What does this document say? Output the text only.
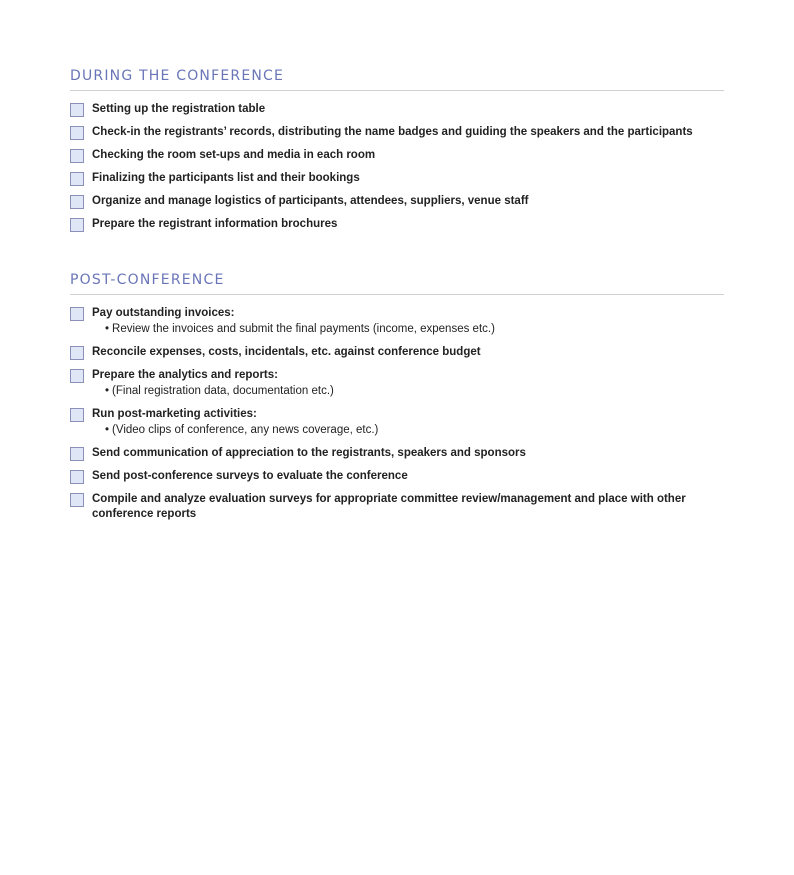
DURING THE CONFERENCE
Setting up the registration table
Check-in the registrants’ records, distributing the name badges and guiding the speakers and the participants
Checking the room set-ups and media in each room
Finalizing the participants list and their bookings
Organize and manage logistics of participants, attendees, suppliers, venue staff
Prepare the registrant information brochures
POST-CONFERENCE
Pay outstanding invoices:
• Review the invoices and submit the final payments (income, expenses etc.)
Reconcile expenses, costs, incidentals, etc. against conference budget
Prepare the analytics and reports:
• (Final registration data, documentation etc.)
Run post-marketing activities:
• (Video clips of conference, any news coverage, etc.)
Send communication of appreciation to the registrants, speakers and sponsors
Send post-conference surveys to evaluate the conference
Compile and analyze evaluation surveys for appropriate committee review/management and place with other conference reports
